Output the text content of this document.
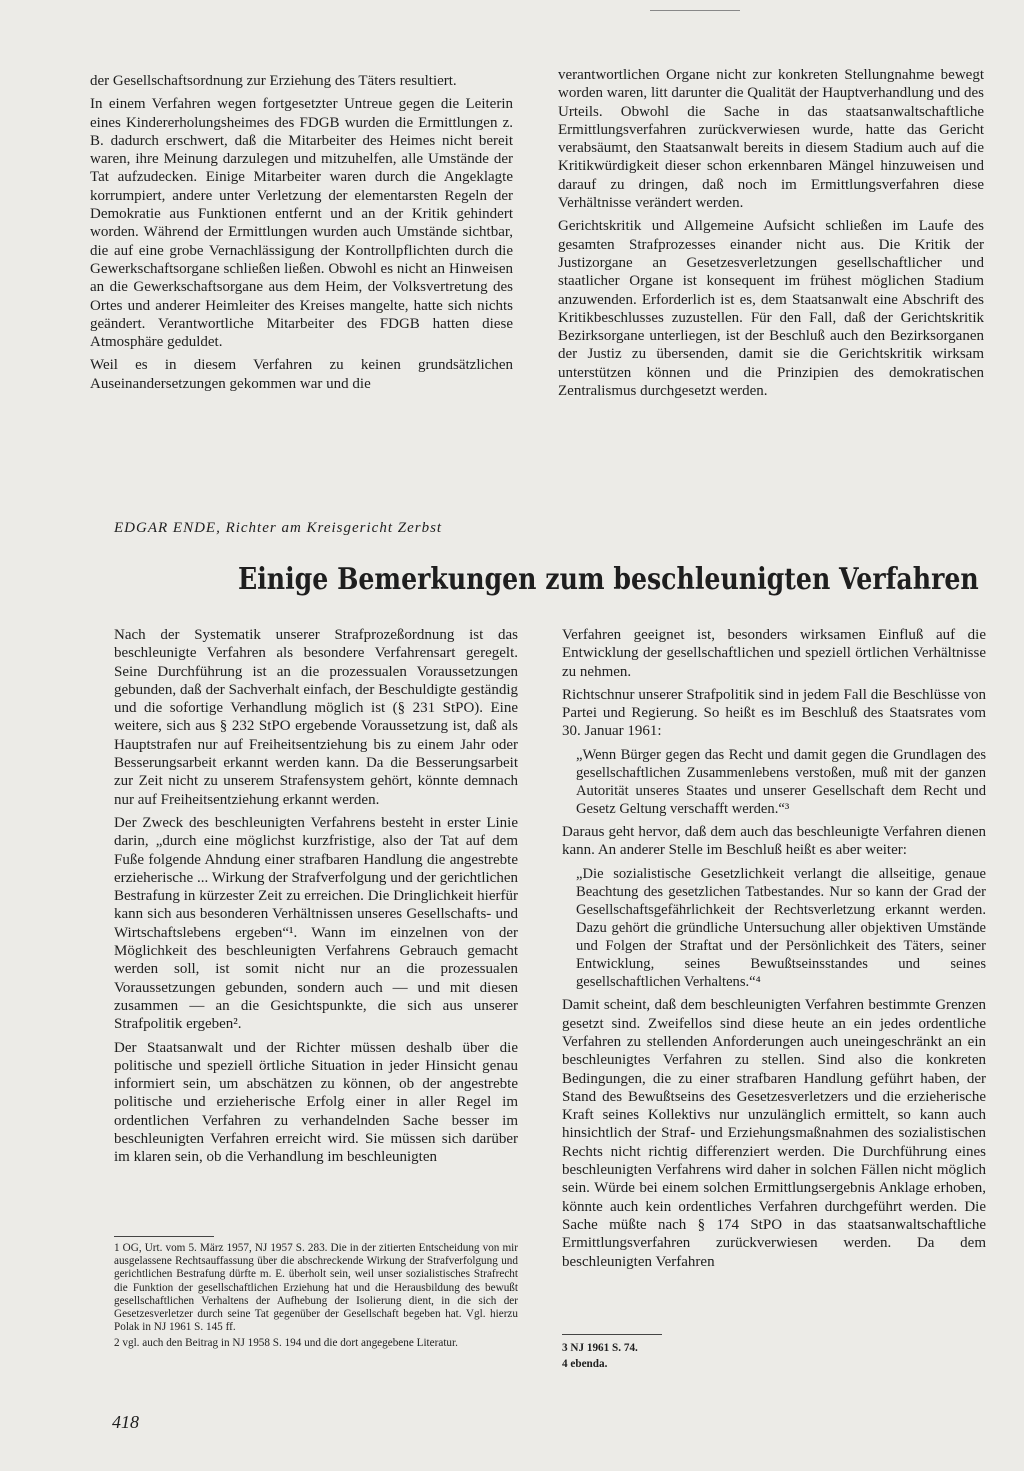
der Gesellschaftsordnung zur Erziehung des Täters resultiert.

In einem Verfahren wegen fortgesetzter Untreue gegen die Leiterin eines Kindererholungsheimes des FDGB wurden die Ermittlungen z. B. dadurch erschwert, daß die Mitarbeiter des Heimes nicht bereit waren, ihre Meinung darzulegen und mitzuhelfen, alle Umstände der Tat aufzudecken. Einige Mitarbeiter waren durch die Angeklagte korrumpiert, andere unter Verletzung der elementarsten Regeln der Demokratie aus Funktionen entfernt und an der Kritik gehindert worden. Während der Ermittlungen wurden auch Umstände sichtbar, die auf eine grobe Vernachlässigung der Kontrollpflichten durch die Gewerkschaftsorgane schließen ließen. Obwohl es nicht an Hinweisen an die Gewerkschaftsorgane aus dem Heim, der Volksvertretung des Ortes und anderer Heimleiter des Kreises mangelte, hatte sich nichts geändert. Verantwortliche Mitarbeiter des FDGB hatten diese Atmosphäre geduldet.

Weil es in diesem Verfahren zu keinen grundsätzlichen Auseinandersetzungen gekommen war und die

verantwortlichen Organe nicht zur konkreten Stellungnahme bewegt worden waren, litt darunter die Qualität der Hauptverhandlung und des Urteils. Obwohl die Sache in das staatsanwaltschaftliche Ermittlungsverfahren zurückverwiesen wurde, hatte das Gericht verabsäumt, den Staatsanwalt bereits in diesem Stadium auch auf die Kritikwürdigkeit dieser schon erkennbaren Mängel hinzuweisen und darauf zu dringen, daß noch im Ermittlungsverfahren diese Verhältnisse verändert werden.

Gerichtskritik und Allgemeine Aufsicht schließen im Laufe des gesamten Strafprozesses einander nicht aus. Die Kritik der Justizorgane an Gesetzesverletzungen gesellschaftlicher und staatlicher Organe ist konsequent im frühest möglichen Stadium anzuwenden. Erforderlich ist es, dem Staatsanwalt eine Abschrift des Kritikbeschlusses zuzustellen. Für den Fall, daß der Gerichtskritik Bezirksorgane unterliegen, ist der Beschluß auch den Bezirksorganen der Justiz zu übersenden, damit sie die Gerichtskritik wirksam unterstützen können und die Prinzipien des demokratischen Zentralismus durchgesetzt werden.

EDGAR ENDE, Richter am Kreisgericht Zerbst
Einige Bemerkungen zum beschleunigten Verfahren

Nach der Systematik unserer Strafprozeßordnung ist das beschleunigte Verfahren als besondere Verfahrensart geregelt. Seine Durchführung ist an die prozessualen Voraussetzungen gebunden, daß der Sachverhalt einfach, der Beschuldigte geständig und die sofortige Verhandlung möglich ist (§ 231 StPO). Eine weitere, sich aus § 232 StPO ergebende Voraussetzung ist, daß als Hauptstrafen nur auf Freiheitsentziehung bis zu einem Jahr oder Besserungsarbeit erkannt werden kann. Da die Besserungsarbeit zur Zeit nicht zu unserem Strafensystem gehört, könnte demnach nur auf Freiheitsentziehung erkannt werden.

Der Zweck des beschleunigten Verfahrens besteht in erster Linie darin, „durch eine möglichst kurzfristige, also der Tat auf dem Fuße folgende Ahndung einer strafbaren Handlung die angestrebte erzieherische ... Wirkung der Strafverfolgung und der gerichtlichen Bestrafung in kürzester Zeit zu erreichen. Die Dringlichkeit hierfür kann sich aus besonderen Verhältnissen unseres Gesellschafts- und Wirtschaftslebens ergeben“¹. Wann im einzelnen von der Möglichkeit des beschleunigten Verfahrens Gebrauch gemacht werden soll, ist somit nicht nur an die prozessualen Voraussetzungen gebunden, sondern auch — und mit diesen zusammen — an die Gesichtspunkte, die sich aus unserer Strafpolitik ergeben².

Der Staatsanwalt und der Richter müssen deshalb über die politische und speziell örtliche Situation in jeder Hinsicht genau informiert sein, um abschätzen zu können, ob der angestrebte politische und erzieherische Erfolg einer in aller Regel im ordentlichen Verfahren zu verhandelnden Sache besser im beschleunigten Verfahren erreicht wird. Sie müssen sich darüber im klaren sein, ob die Verhandlung im beschleunigten

Verfahren geeignet ist, besonders wirksamen Einfluß auf die Entwicklung der gesellschaftlichen und speziell örtlichen Verhältnisse zu nehmen.

Richtschnur unserer Strafpolitik sind in jedem Fall die Beschlüsse von Partei und Regierung. So heißt es im Beschluß des Staatsrates vom 30. Januar 1961:

„Wenn Bürger gegen das Recht und damit gegen die Grundlagen des gesellschaftlichen Zusammenlebens verstoßen, muß mit der ganzen Autorität unseres Staates und unserer Gesellschaft dem Recht und Gesetz Geltung verschafft werden.“³

Daraus geht hervor, daß dem auch das beschleunigte Verfahren dienen kann. An anderer Stelle im Beschluß heißt es aber weiter:

„Die sozialistische Gesetzlichkeit verlangt die allseitige, genaue Beachtung des gesetzlichen Tatbestandes. Nur so kann der Grad der Gesellschaftsgefährlichkeit der Rechtsverletzung erkannt werden. Dazu gehört die gründliche Untersuchung aller objektiven Umstände und Folgen der Straftat und der Persönlichkeit des Täters, seiner Entwicklung, seines Bewußtseinsstandes und seines gesellschaftlichen Verhaltens.“⁴

Damit scheint, daß dem beschleunigten Verfahren bestimmte Grenzen gesetzt sind. Zweifellos sind diese heute an ein jedes ordentliche Verfahren zu stellenden Anforderungen auch uneingeschränkt an ein beschleunigtes Verfahren zu stellen. Sind also die konkreten Bedingungen, die zu einer strafbaren Handlung geführt haben, der Stand des Bewußtseins des Gesetzesverletzers und die erzieherische Kraft seines Kollektivs nur unzulänglich ermittelt, so kann auch hinsichtlich der Straf- und Erziehungsmaßnahmen des sozialistischen Rechts nicht richtig differenziert werden. Die Durchführung eines beschleunigten Verfahrens wird daher in solchen Fällen nicht möglich sein. Würde bei einem solchen Ermittlungsergebnis Anklage erhoben, könnte auch kein ordentliches Verfahren durchgeführt werden. Die Sache müßte nach § 174 StPO in das staatsanwaltschaftliche Ermittlungsverfahren zurückverwiesen werden. Da dem beschleunigten Verfahren

1 OG, Urt. vom 5. März 1957, NJ 1957 S. 283. Die in der zitierten Entscheidung von mir ausgelassene Rechtsauffassung über die abschreckende Wirkung der Strafverfolgung und gerichtlichen Bestrafung dürfte m. E. überholt sein, weil unser sozialistisches Strafrecht die Funktion der gesellschaftlichen Erziehung hat und die Herausbildung des bewußt gesellschaftlichen Verhaltens der Aufhebung der Isolierung dient, in die sich der Gesetzesverletzer durch seine Tat gegenüber der Gesellschaft begeben hat. Vgl. hierzu Polak in NJ 1961 S. 145 ff.

2 vgl. auch den Beitrag in NJ 1958 S. 194 und die dort angegebene Literatur.	3 NJ 1961 S. 74.

4 ebenda.

418
